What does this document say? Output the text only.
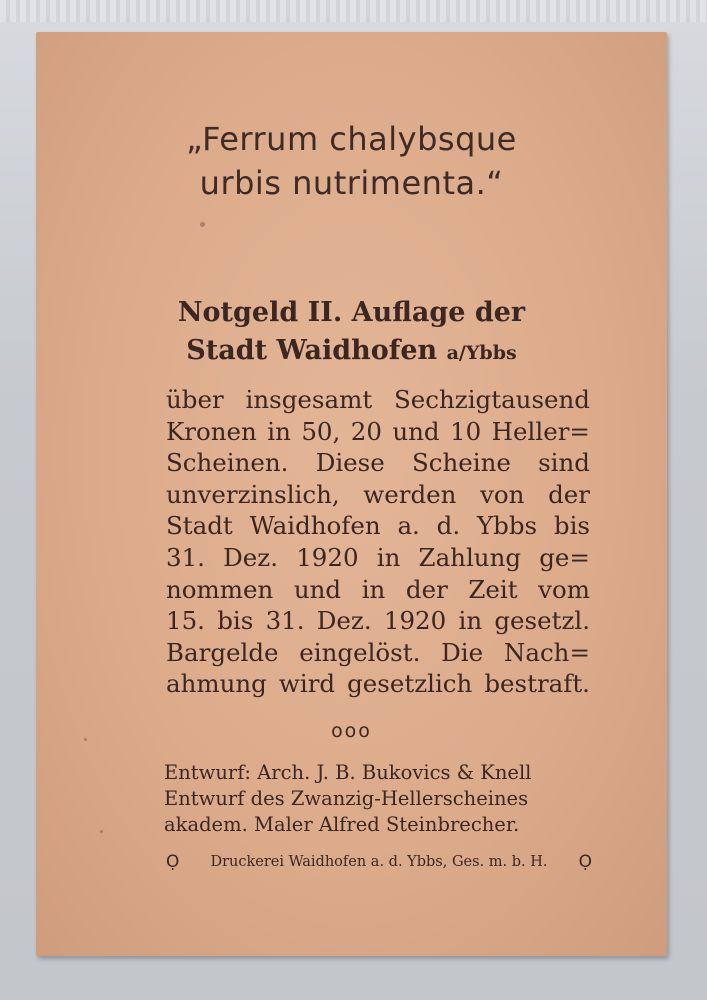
„Ferrum chalybsque
urbis nutrimenta.“
Notgeld II. Auflage der
Stadt Waidhofen a/Ybbs
über insgesamt Sechzigtausend
Kronen in 50, 20 und 10 Heller=
Scheinen. Diese Scheine sind
unverzinslich, werden von der
Stadt Waidhofen a. d. Ybbs bis
31. Dez. 1920 in Zahlung ge=
nommen und in der Zeit vom
15. bis 31. Dez. 1920 in gesetzl.
Bargelde eingelöst. Die Nach=
ahmung wird gesetzlich bestraft.
ooo
Entwurf: Arch. J. B. Bukovics & Knell
Entwurf des Zwanzig-Hellerscheines
akadem. Maler Alfred Steinbrecher.
Ọ Druckerei Waidhofen a. d. Ybbs, Ges. m. b. H. Ọ
